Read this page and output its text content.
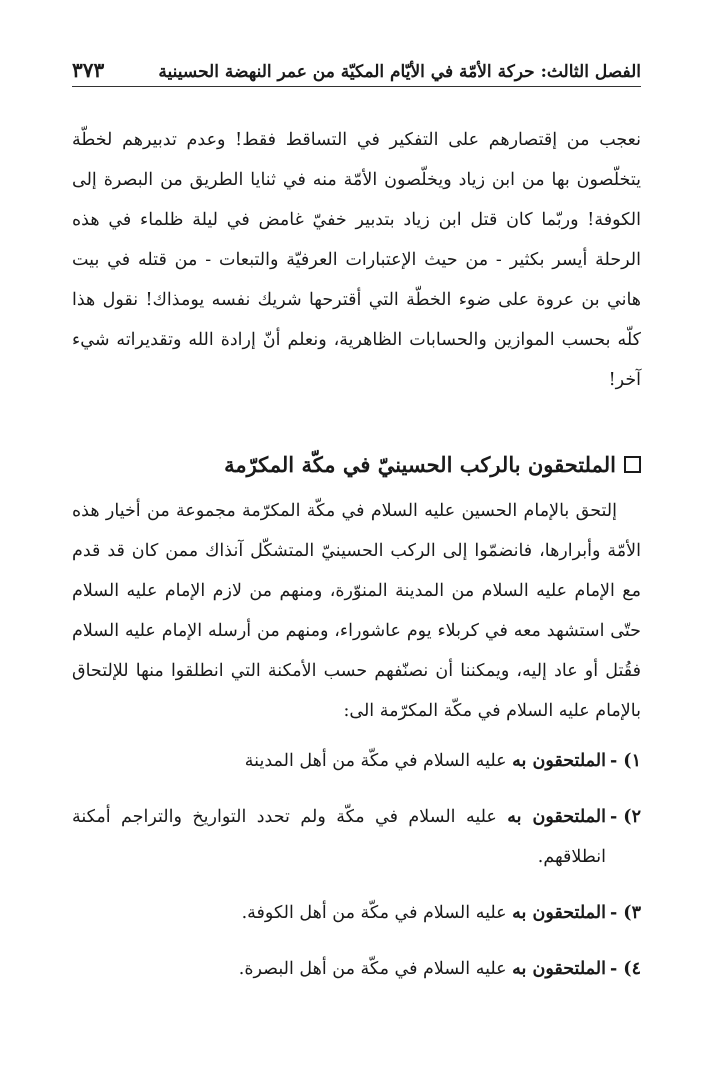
الفصل الثالث: حركة الأمّة في الأيّام المكيّة من عمر النهضة الحسينية
٣٧٣

نعجب من إقتصارهم على التفكير في التساقط فقط! وعدم تدبيرهم لخطّة يتخلّصون بها من ابن زياد ويخلّصون الأمّة منه في ثنايا الطريق من البصرة إلى الكوفة! وربّما كان قتل ابن زياد بتدبير خفيّ غامض في ليلة ظلماء في هذه الرحلة أيسر بكثير - من حيث الإعتبارات العرفيّة والتبعات - من قتله في بيت هاني بن عروة على ضوء الخطّة التي أقترحها شريك نفسه يومذاك! نقول هذا كلّه بحسب الموازين والحسابات الظاهرية، ونعلم أنّ إرادة الله وتقديراته شيء آخر!

الملتحقون بالركب الحسينيّ في مكّة المكرّمة

إلتحق بالإمام الحسين عليه السلام في مكّة المكرّمة مجموعة من أخيار هذه الأمّة وأبرارها، فانضمّوا إلى الركب الحسينيّ المتشكّل آنذاك ممن كان قد قدم مع الإمام عليه السلام من المدينة المنوّرة، ومنهم من لازم الإمام عليه السلام حتّى استشهد معه في كربلاء يوم عاشوراء، ومنهم من أرسله الإمام عليه السلام فقُتل أو عاد إليه، ويمكننا أن نصنّفهم حسب الأمكنة التي انطلقوا منها للإلتحاق بالإمام عليه السلام في مكّة المكرّمة الى:

١) -
الملتحقون به عليه السلام في مكّة من أهل المدينة
٢) -
الملتحقون به عليه السلام في مكّة ولم تحدد التواريخ والتراجم أمكنة انطلاقهم.
٣) -
الملتحقون به عليه السلام في مكّة من أهل الكوفة.
٤) -
الملتحقون به عليه السلام في مكّة من أهل البصرة.
